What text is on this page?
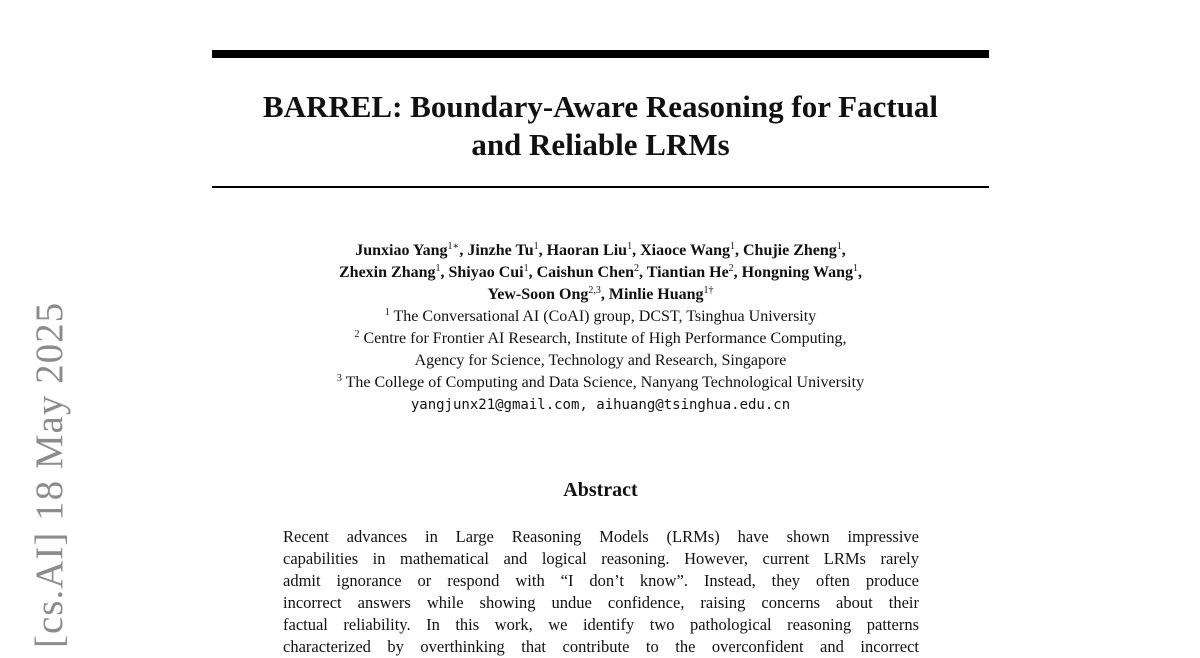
BARREL: Boundary-Aware Reasoning for Factual
and Reliable LRMs
Junxiao Yang$^{1∗}$, Jinzhe Tu$^1$, Haoran Liu$^1$, Xiaoce Wang$^1$, Chujie Zheng$^1$,
Zhexin Zhang$^1$, Shiyao Cui$^1$, Caishun Chen$^2$, Tiantian He$^2$, Hongning Wang$^1$,
Yew-Soon Ong$^{2,3}$, Minlie Huang$^{1\dagger}$
$^1$ The Conversational AI (CoAI) group, DCST, Tsinghua University
$^2$ Centre for Frontier AI Research, Institute of High Performance Computing,
Agency for Science, Technology and Research, Singapore
$^3$ The College of Computing and Data Science, Nanyang Technological University
yangjunx21@gmail.com, aihuang@tsinghua.edu.cn
Abstract
Recent advances in Large Reasoning Models (LRMs) have shown impressive
capabilities in mathematical and logical reasoning. However, current LRMs rarely
admit ignorance or respond with “I don’t know”. Instead, they often produce
incorrect answers while showing undue confidence, raising concerns about their
factual reliability. In this work, we identify two pathological reasoning patterns
characterized by overthinking that contribute to the overconfident and incorrect
[cs.AI] 18 May 2025
